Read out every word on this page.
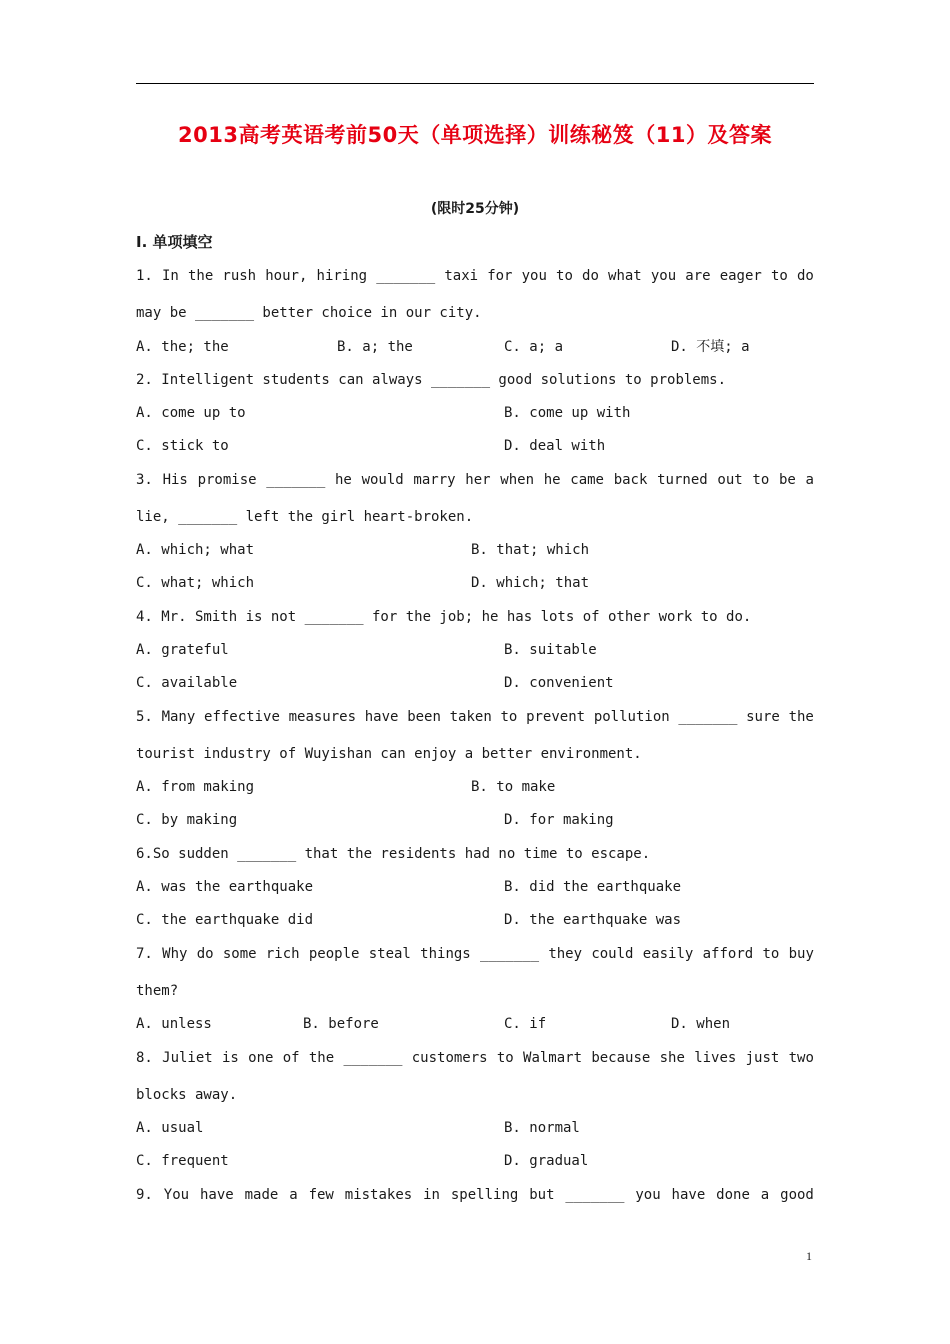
2013高考英语考前50天（单项选择）训练秘笈（11）及答案
(限时25分钟)
Ⅰ. 单项填空
1. In the rush hour, hiring _______ taxi for you to do what you are eager to do
may be _______ better choice in our city.
A. the; the	B. a; the	C. a; a	D. 不填; a
2. Intelligent students can always _______ good solutions to problems.
A. come up to	B. come up with
C. stick to	D. deal with
3. His promise _______ he would marry her when he came back turned out to be a
lie, _______ left the girl heart-broken.
A. which; what	B. that; which
C. what; which	D. which; that
4. Mr. Smith is not _______ for the job; he has lots of other work to do.
A. grateful	B. suitable
C. available	D. convenient
5. Many effective measures have been taken to prevent pollution _______ sure the
tourist industry of Wuyishan can enjoy a better environment.
A. from making	B. to make
C. by making	D. for making
6.So sudden _______ that the residents had no time to escape.
A. was the earthquake	B. did the earthquake
C. the earthquake did	D. the earthquake was
7. Why do some rich people steal things _______ they could easily afford to buy
them?
A. unless	B. before	C. if	D. when
8. Juliet is one of the _______ customers to Walmart because she lives just two
blocks away.
A. usual	B. normal
C. frequent	D. gradual
9. You have made a few mistakes in spelling but _______ you have done a good
1
